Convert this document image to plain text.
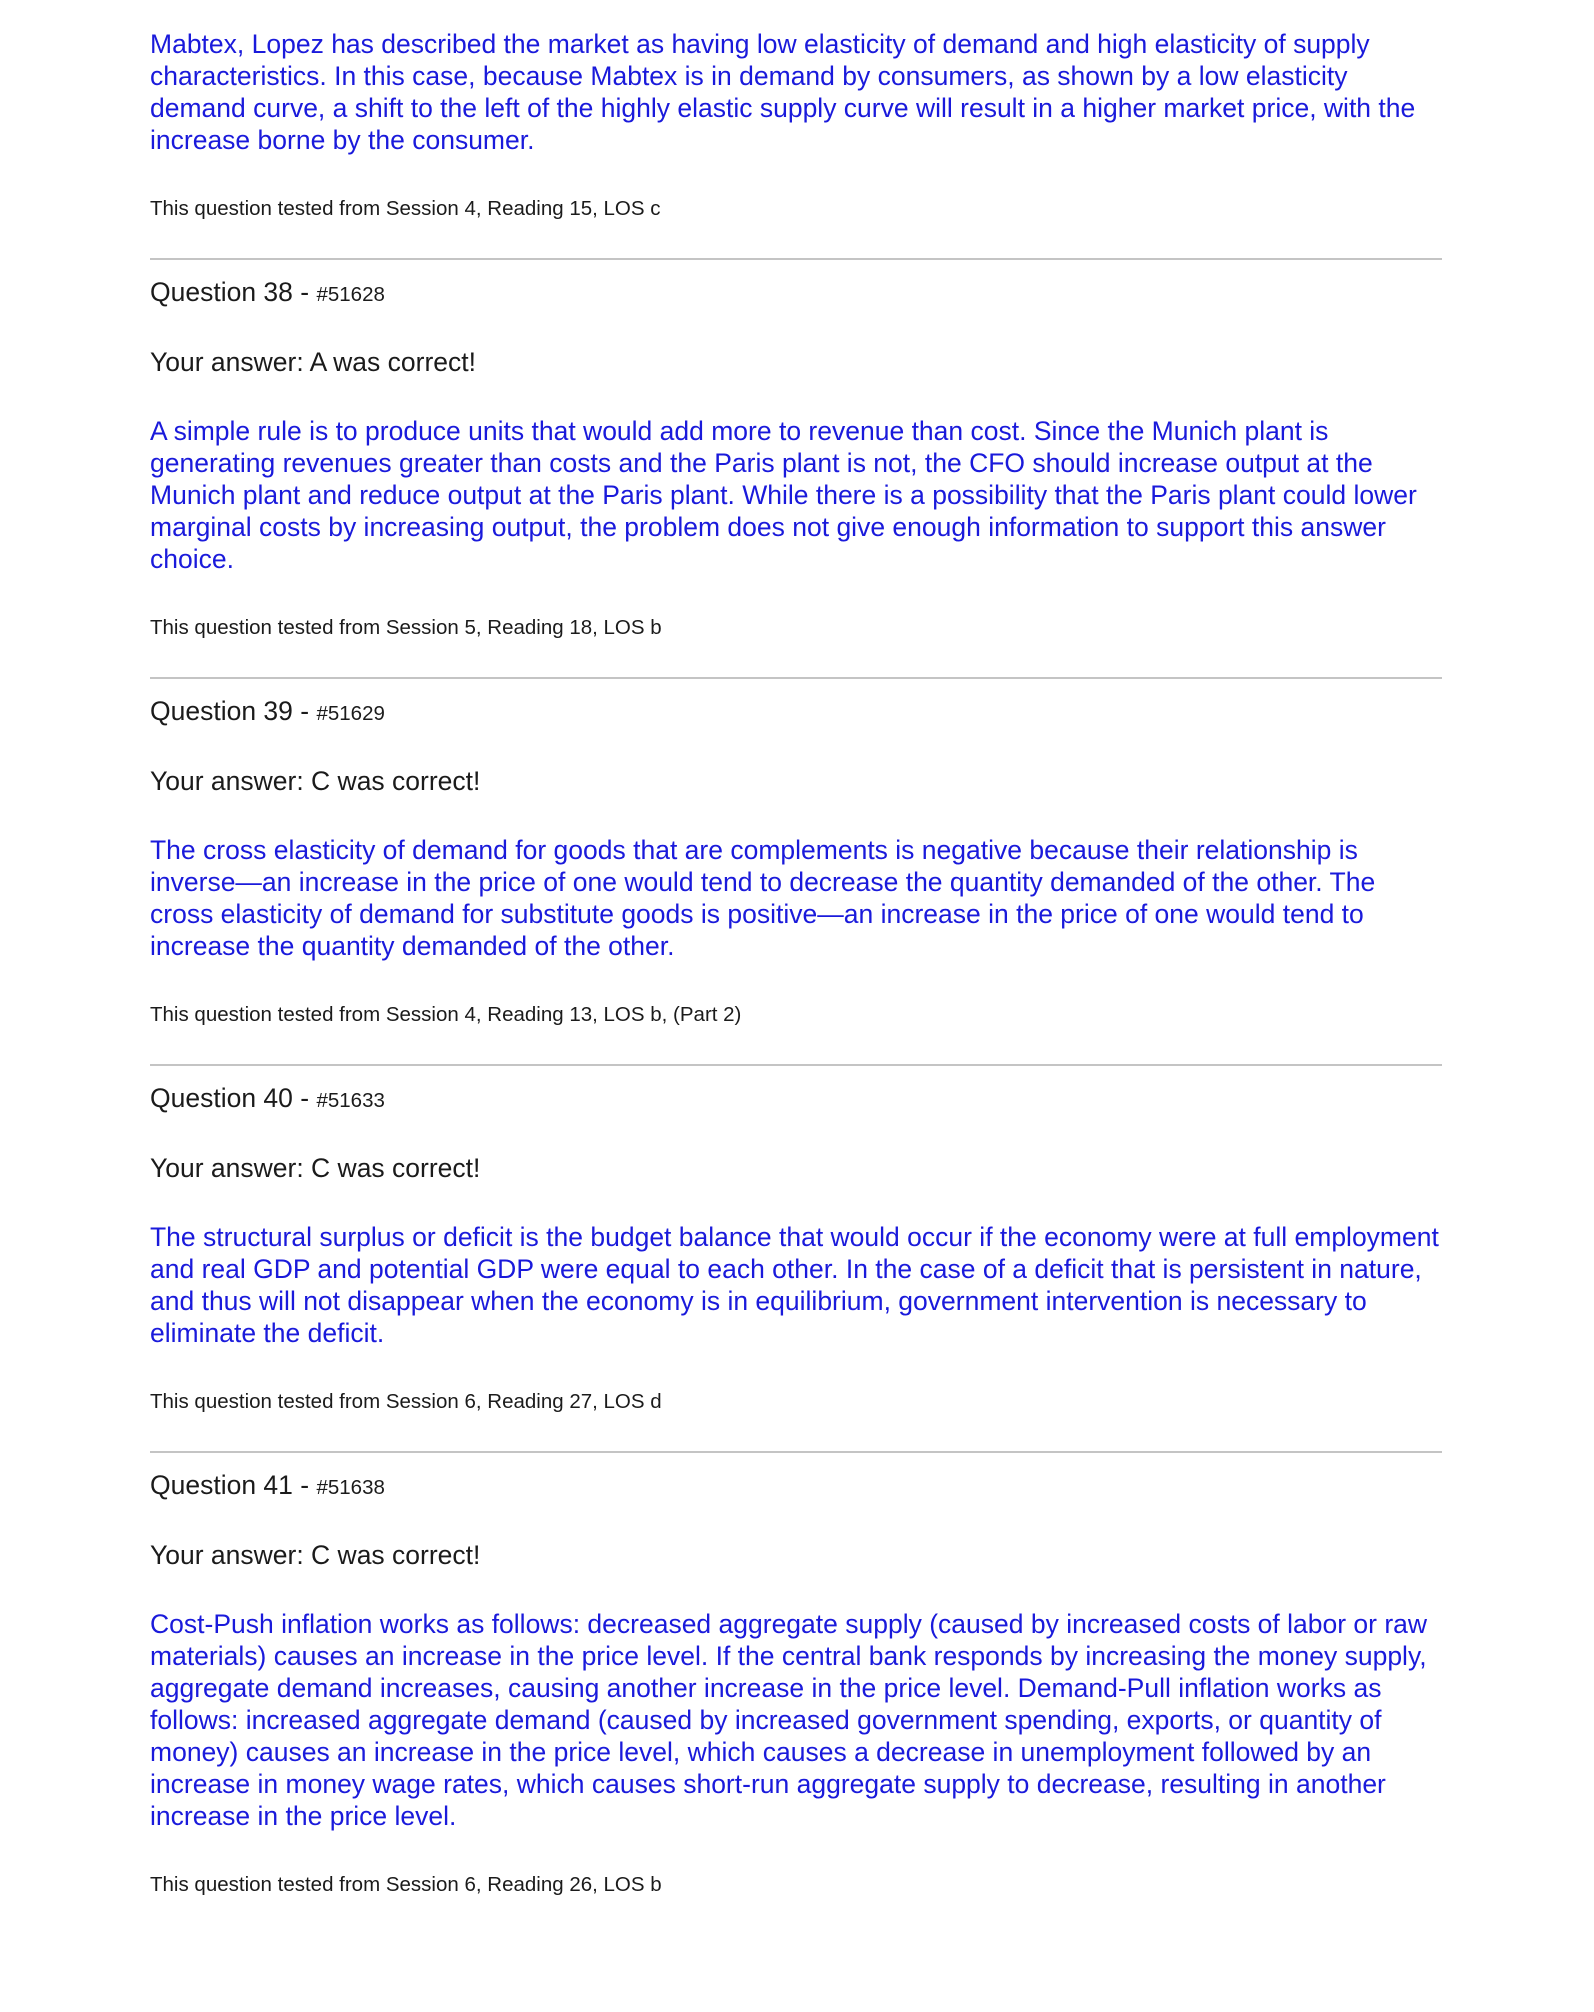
Mabtex, Lopez has described the market as having low elasticity of demand and high elasticity of supply characteristics. In this case, because Mabtex is in demand by consumers, as shown by a low elasticity demand curve, a shift to the left of the highly elastic supply curve will result in a higher market price, with the increase borne by the consumer.

This question tested from Session 4, Reading 15, LOS c

Question 38 - #51628

Your answer: A was correct!

A simple rule is to produce units that would add more to revenue than cost. Since the Munich plant is generating revenues greater than costs and the Paris plant is not, the CFO should increase output at the Munich plant and reduce output at the Paris plant. While there is a possibility that the Paris plant could lower marginal costs by increasing output, the problem does not give enough information to support this answer choice.

This question tested from Session 5, Reading 18, LOS b

Question 39 - #51629

Your answer: C was correct!

The cross elasticity of demand for goods that are complements is negative because their relationship is inverse—an increase in the price of one would tend to decrease the quantity demanded of the other. The cross elasticity of demand for substitute goods is positive—an increase in the price of one would tend to increase the quantity demanded of the other.

This question tested from Session 4, Reading 13, LOS b, (Part 2)

Question 40 - #51633

Your answer: C was correct!

The structural surplus or deficit is the budget balance that would occur if the economy were at full employment and real GDP and potential GDP were equal to each other. In the case of a deficit that is persistent in nature, and thus will not disappear when the economy is in equilibrium, government intervention is necessary to eliminate the deficit.

This question tested from Session 6, Reading 27, LOS d

Question 41 - #51638

Your answer: C was correct!

Cost-Push inflation works as follows: decreased aggregate supply (caused by increased costs of labor or raw materials) causes an increase in the price level. If the central bank responds by increasing the money supply, aggregate demand increases, causing another increase in the price level. Demand-Pull inflation works as follows: increased aggregate demand (caused by increased government spending, exports, or quantity of money) causes an increase in the price level, which causes a decrease in unemployment followed by an increase in money wage rates, which causes short-run aggregate supply to decrease, resulting in another increase in the price level.

This question tested from Session 6, Reading 26, LOS b
